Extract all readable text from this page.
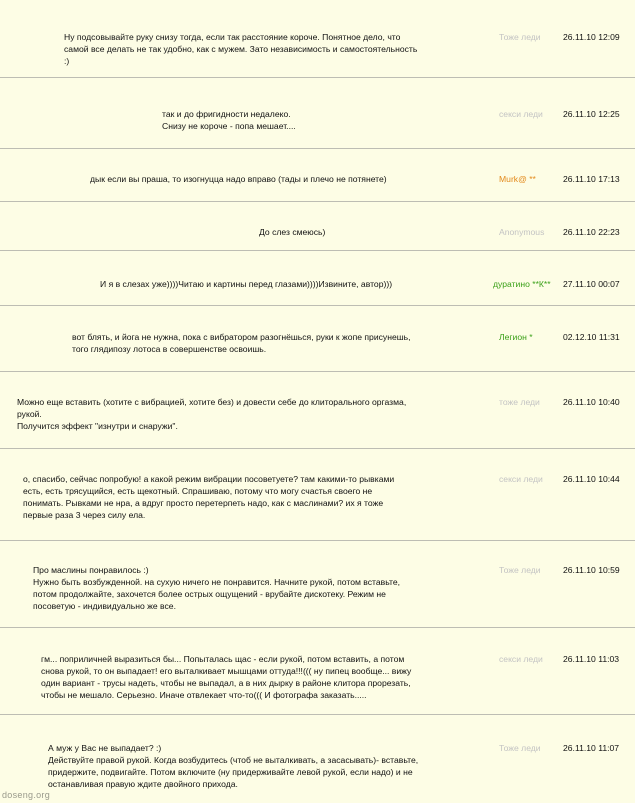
Ну подсовывайте руку снизу тогда, если так расстояние короче. Понятное дело, что
самой все делать не так удобно, как с мужем. Зато независимость и самостоятельность
:)
Тоже леди	26.11.10 12:09
так и до фригидности недалеко.
Снизу не короче - попа мешает....
секси леди 26.11.10 12:25
дык если вы праша, то изогнуцца надо вправо (тады и плечо не потянете)	Murk@ **	26.11.10 17:13
До слез смеюсь)	Anonymous 26.11.10 22:23
И я в слезах уже))))Читаю и картины перед глазами))))Извините, автор)))	дуратино **К** 27.11.10 00:07
вот блять, и йога не нужна, пока с вибратором разогнёшься, руки к жопе присунешь,
того глядипозу лотоса в совершенстве освоишь.
Легион *	02.12.10 11:31
Можно еще вставить (хотите с вибрацией, хотите без) и довести себе до клиторального оргазма,
рукой.
Получится эффект "изнутри и снаружи".
тоже леди	26.11.10 10:40
о, спасибо, сейчас попробую! а какой режим вибрации посоветуете? там какими-то рывками
есть, есть трясущийся, есть щекотный. Спрашиваю, потому что могу счастья своего не
понимать. Рывками не нра, а вдруг просто перетерпеть надо, как с маслинами? их я тоже
первые раза 3 через силу ела.
секси леди 26.11.10 10:44
Про маслины понравилось :)
Нужно быть возбужденной. на сухую ничего не понравится. Начните рукой, потом вставьте,
потом продолжайте, захочется более острых ощущений - врубайте дискотеку. Режим не
посоветую - индивидуально же все.
Тоже леди	26.11.10 10:59
гм... поприличней выразиться бы... Попыталась щас - если рукой, потом вставить, а потом
снова рукой, то он выпадает! его выталкивает мышцами оттуда!!!((( ну пипец вообще... вижу
один вариант - трусы надеть, чтобы не выпадал, а в них дырку в районе клитора прорезать,
чтобы не мешало. Серьезно. Иначе отвлекает что-то((( И фотографа заказать.....
секси леди 26.11.10 11:03
А муж у Вас не выпадает? :)
Действуйте правой рукой. Когда возбудитесь (чтоб не выталкивать, а засасывать)- вставьте,
придержите, подвигайте. Потом включите (ну придерживайте левой рукой, если надо) и не
останавливая правую ждите двойного прихода.
Тоже леди	26.11.10 11:07
doseng.org
